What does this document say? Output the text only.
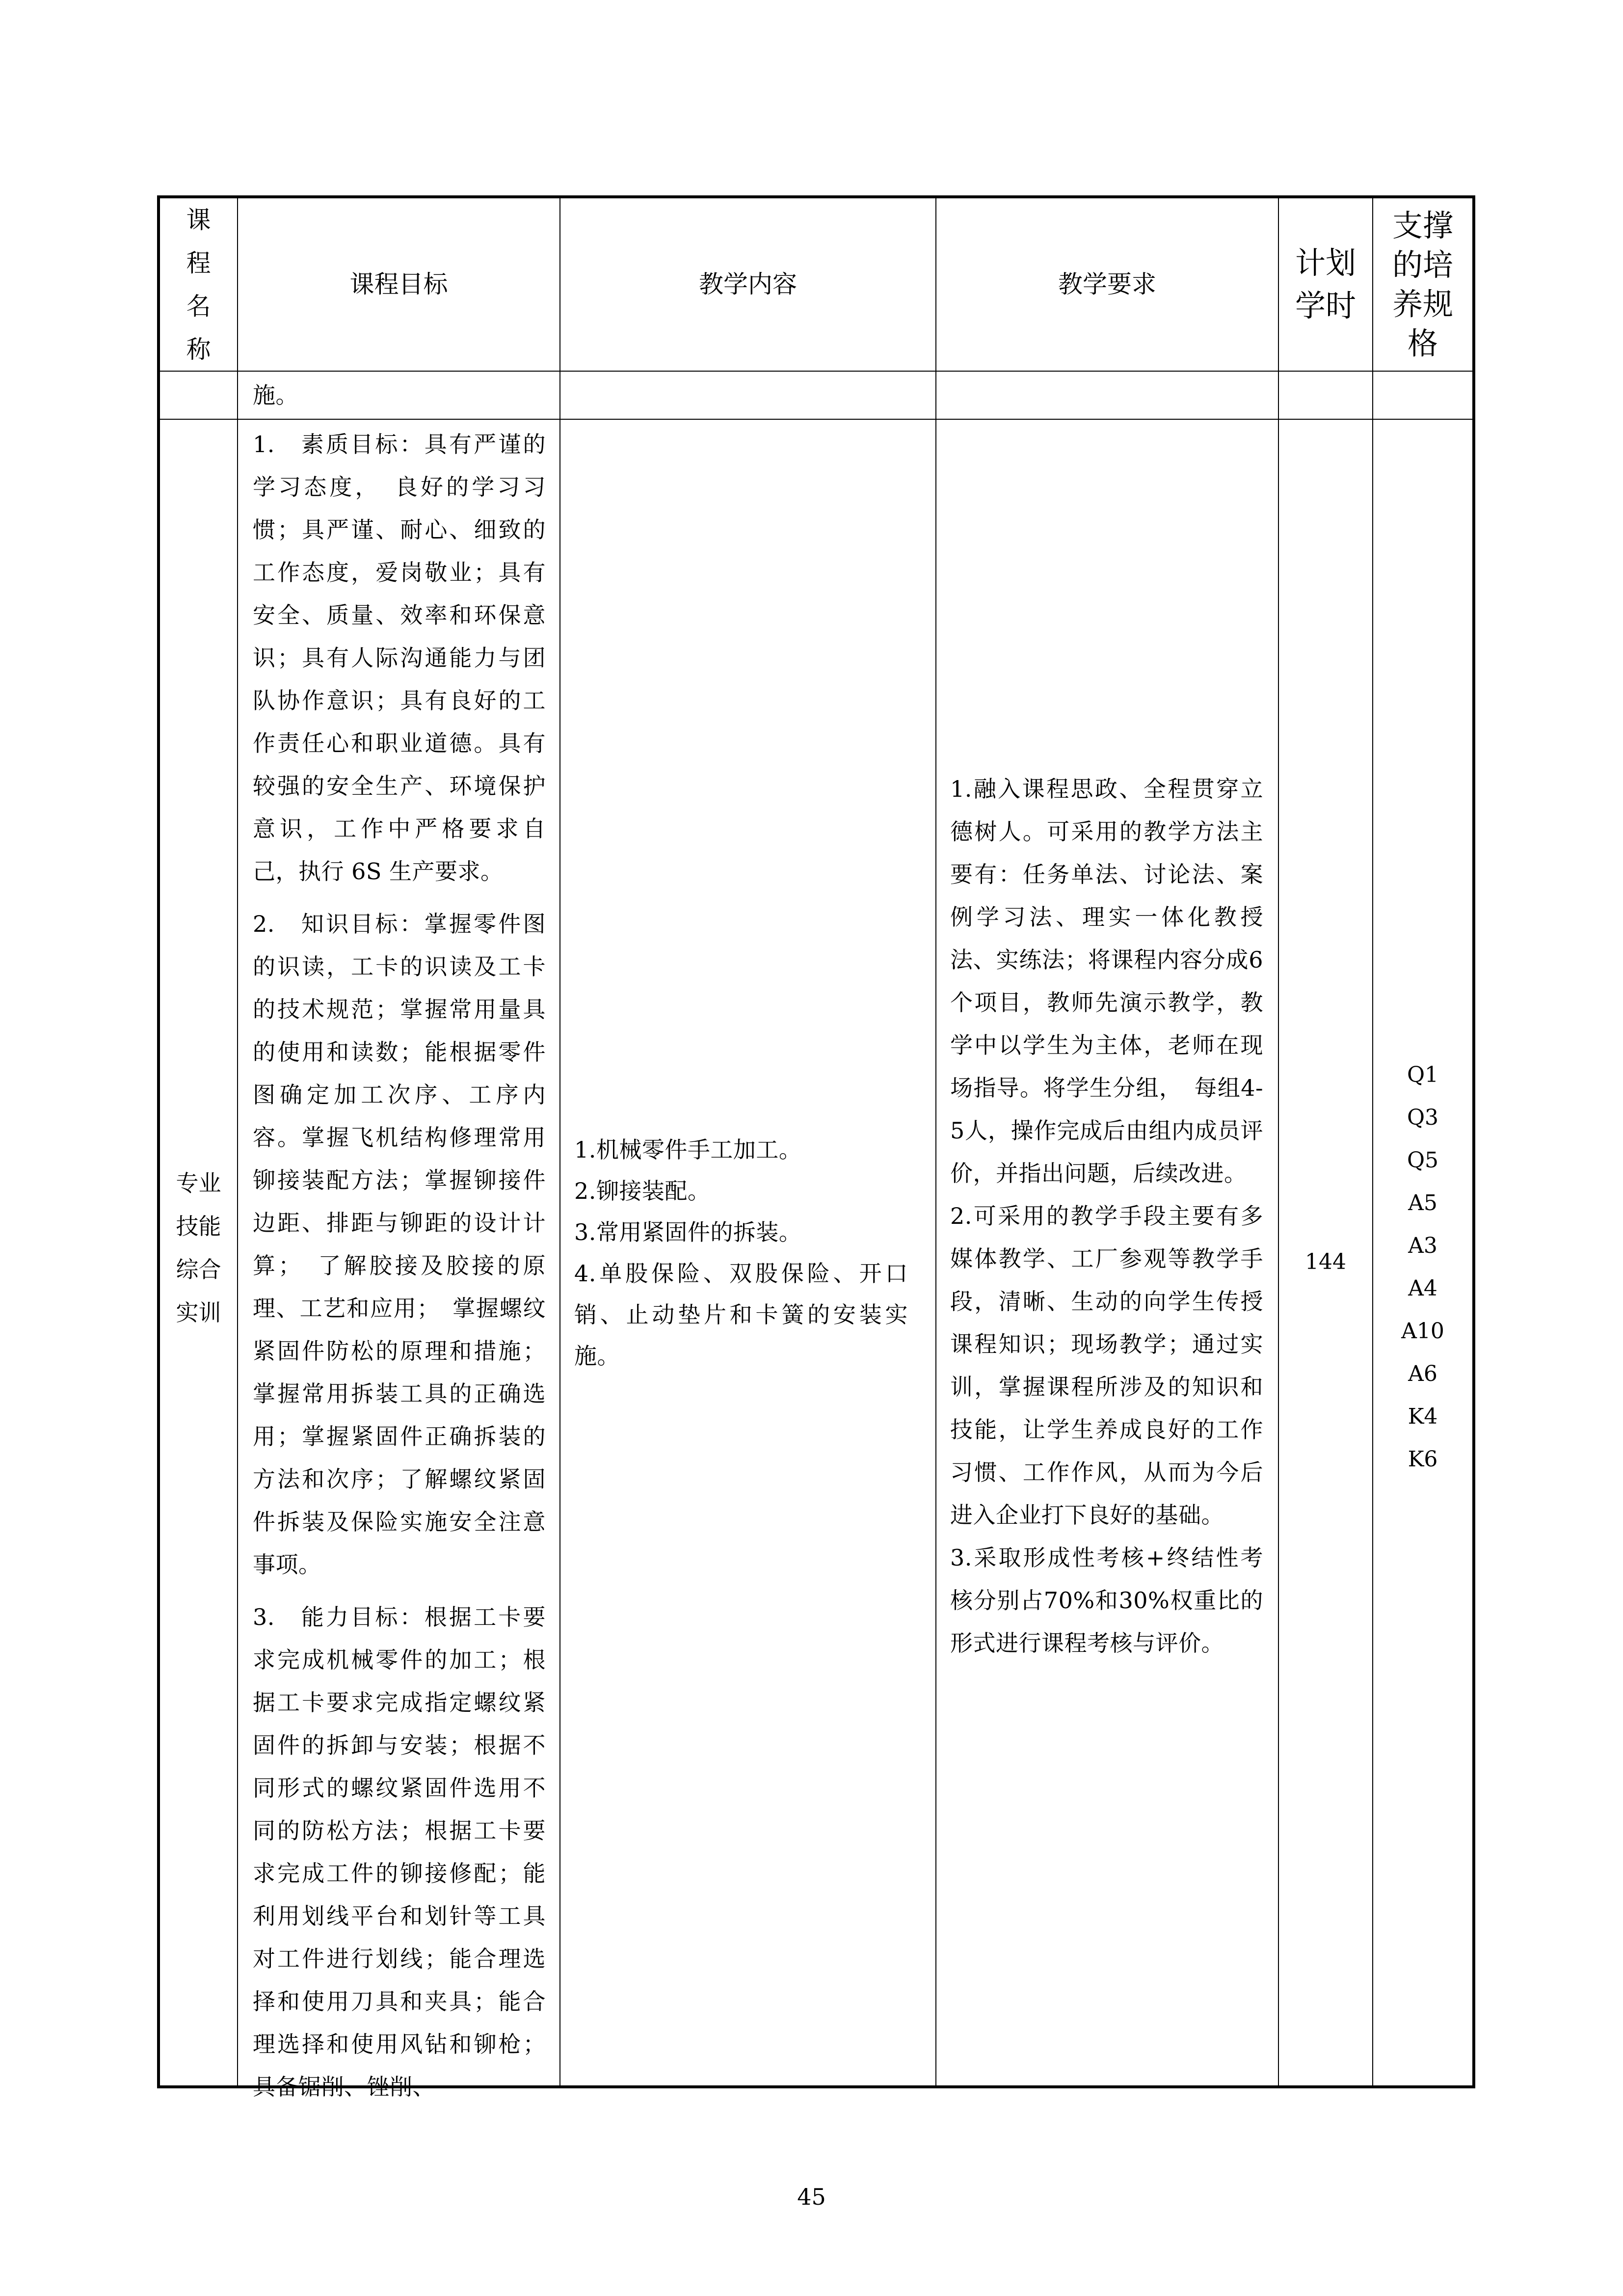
课
程
名
称
课程目标	教学内容	教学要求
计划
学时
支撑
的培
养规
格
施。
专业
技能
综合
实训

1.　素质目标：具有严谨的学习态度，　良好的学习习惯；具严谨、耐心、细致的工作态度，爱岗敬业；具有安全、质量、效率和环保意识；具有人际沟通能力与团队协作意识；具有良好的工作责任心和职业道德。具有较强的安全生产、环境保护意识，工作中严格要求自己，执行 6S 生产要求。

2.　知识目标：掌握零件图的识读，工卡的识读及工卡的技术规范；掌握常用量具的使用和读数；能根据零件图确定加工次序、工序内容。掌握飞机结构修理常用铆接装配方法；掌握铆接件边距、排距与铆距的设计计算；　了解胶接及胶接的原理、工艺和应用；　掌握螺纹紧固件防松的原理和措施；掌握常用拆装工具的正确选用；掌握紧固件正确拆装的方法和次序；了解螺纹紧固件拆装及保险实施安全注意事项。

3.　能力目标：根据工卡要求完成机械零件的加工；根据工卡要求完成指定螺纹紧固件的拆卸与安装；根据不同形式的螺纹紧固件选用不同的防松方法；根据工卡要求完成工件的铆接修配；能利用划线平台和划针等工具对工件进行划线；能合理选择和使用刀具和夹具；能合理选择和使用风钻和铆枪；具备锯削、锉削、

1.机械零件手工加工。
2.铆接装配。
3.常用紧固件的拆装。
4.单股保险、双股保险、开口销、止动垫片和卡簧的安装实施。
1.融入课程思政、全程贯穿立德树人。可采用的教学方法主要有：任务单法、讨论法、案例学习法、理实一体化教授法、实练法；将课程内容分成6个项目，教师先演示教学，教学中以学生为主体，老师在现场指导。将学生分组，　每组4-5人，操作完成后由组内成员评价，并指出问题，后续改进。
2.可采用的教学手段主要有多媒体教学、工厂参观等教学手段，清晰、生动的向学生传授课程知识；现场教学；通过实训，掌握课程所涉及的知识和技能，让学生养成良好的工作习惯、工作作风，从而为今后进入企业打下良好的基础。
3.采取形成性考核+终结性考核分别占70%和30%权重比的形式进行课程考核与评价。
144
Q1
Q3
Q5
A5
A3
A4
A10
A6
K4
K6
45
